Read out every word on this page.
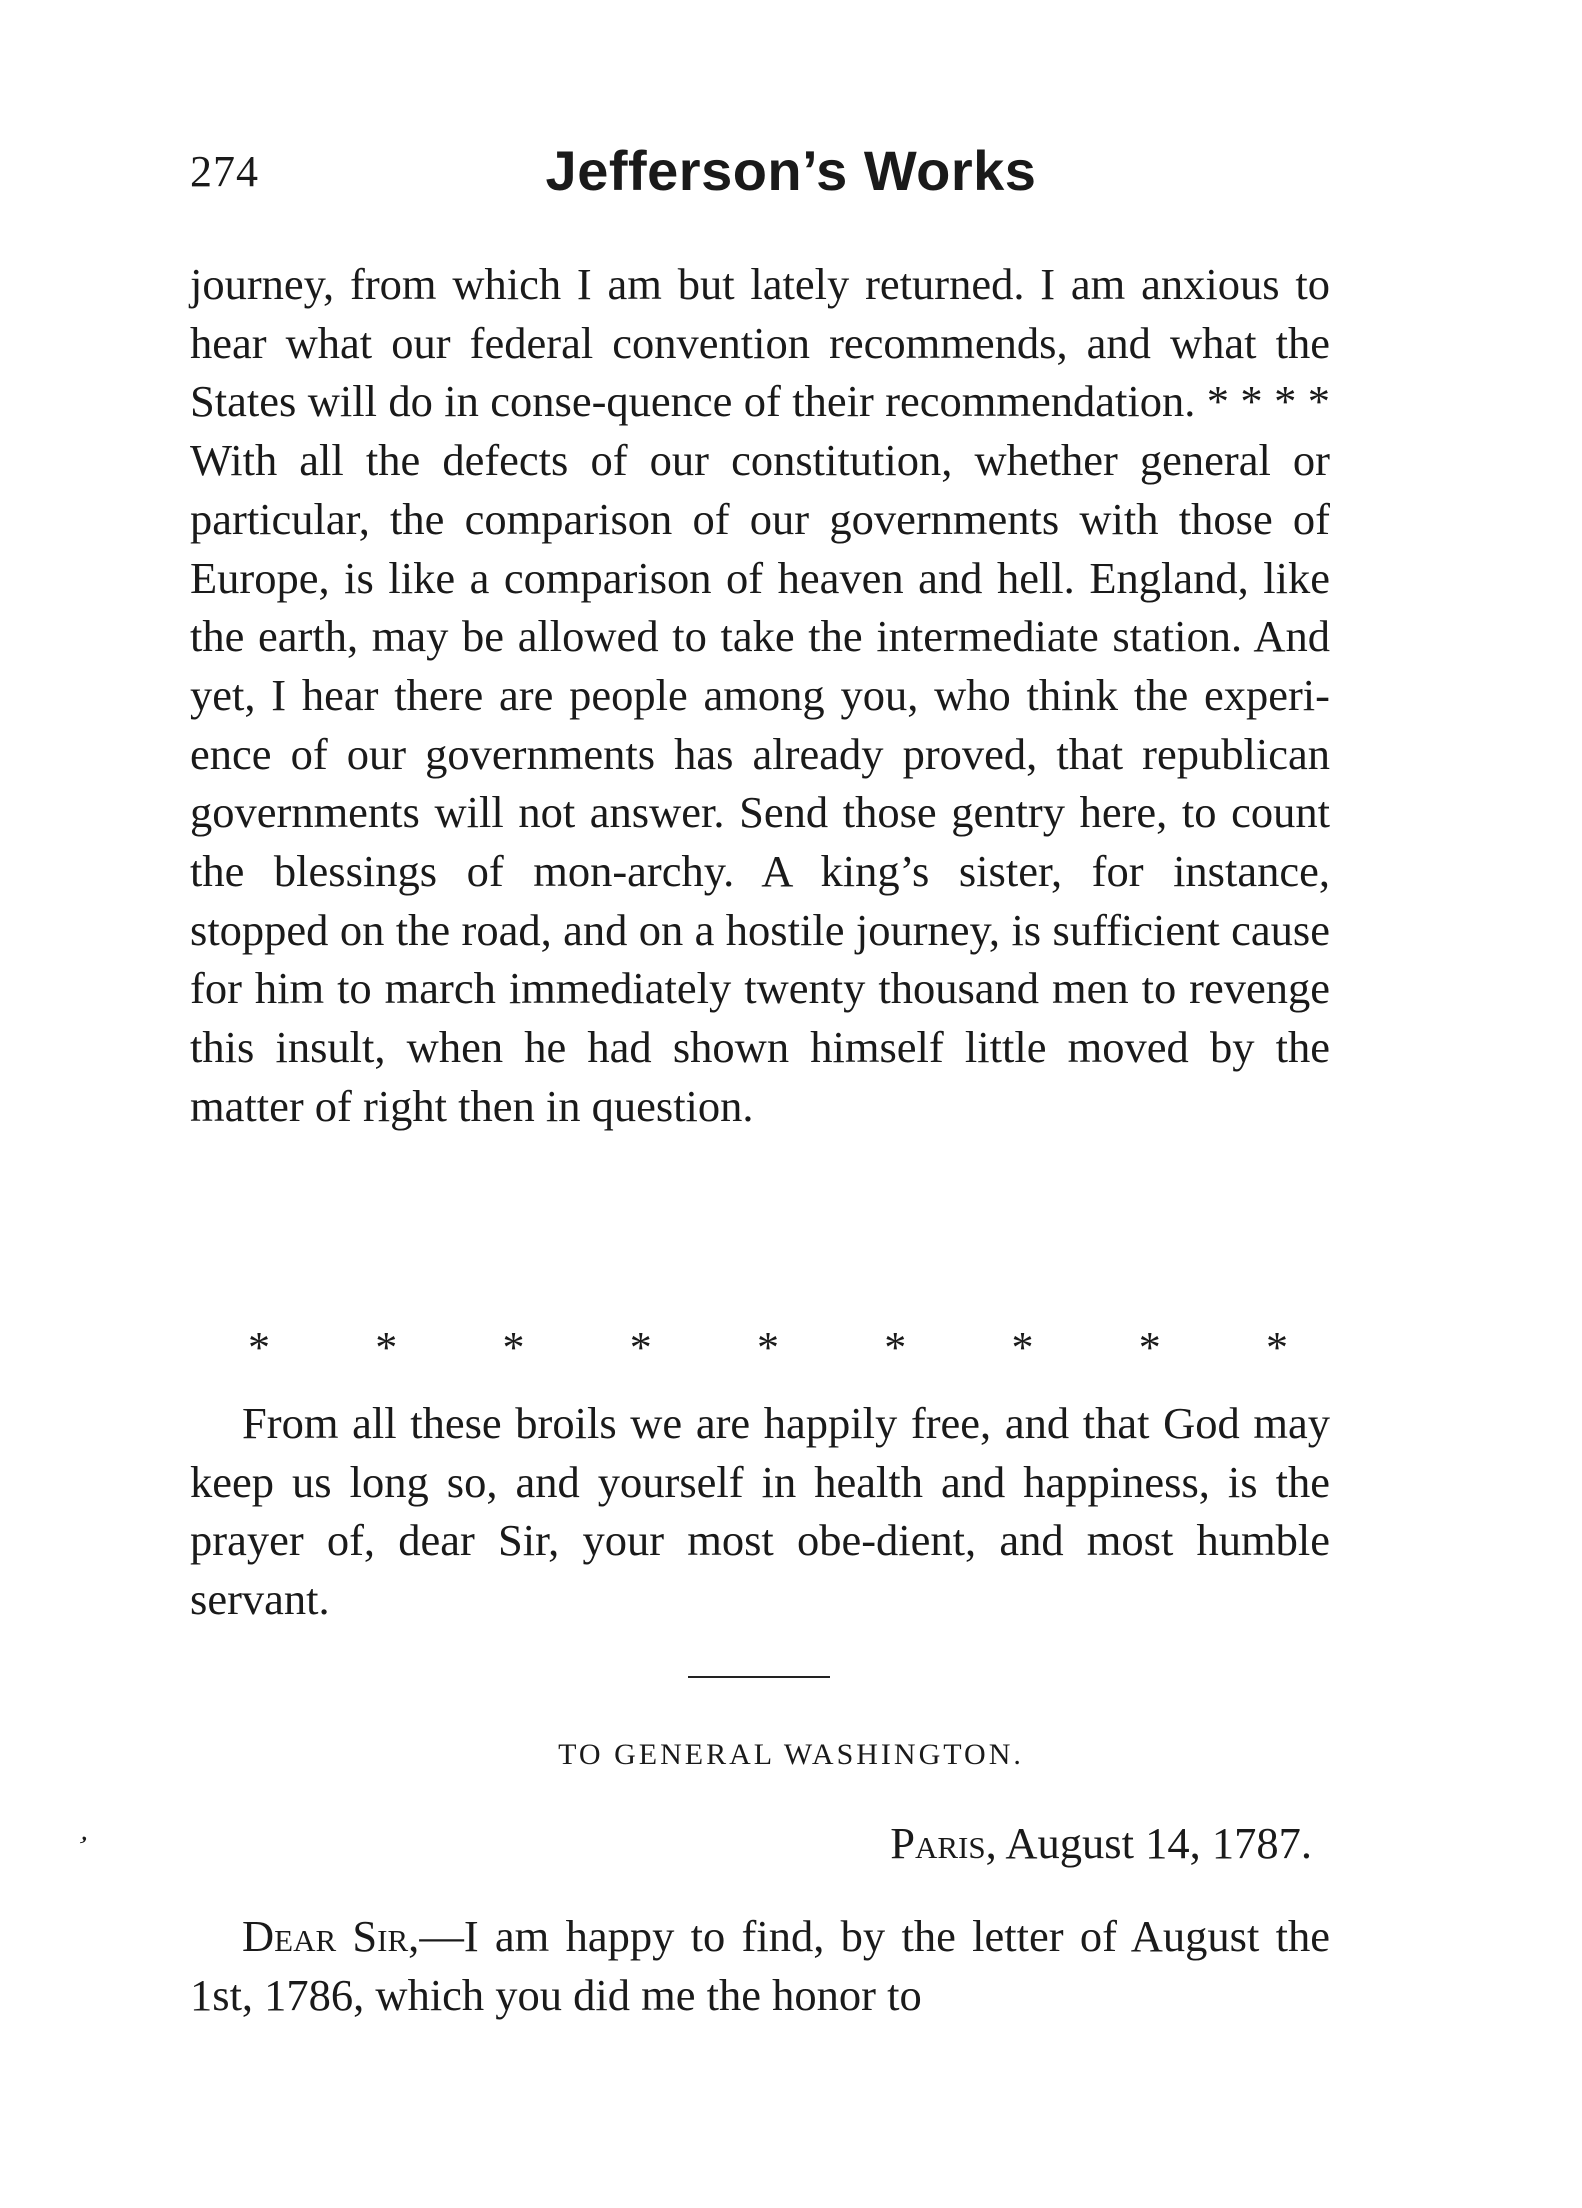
274	Jefferson’s Works
journey, from which I am but lately returned. I am anxious to hear what our federal convention recommends, and what the States will do in conse-quence of their recommendation. * * * * With all the defects of our constitution, whether general or particular, the comparison of our governments with those of Europe, is like a comparison of heaven and hell. England, like the earth, may be allowed to take the intermediate station. And yet, I hear there are people among you, who think the experi-ence of our governments has already proved, that republican governments will not answer. Send those gentry here, to count the blessings of mon-archy. A king’s sister, for instance, stopped on the road, and on a hostile journey, is sufficient cause for him to march immediately twenty thousand men to revenge this insult, when he had shown himself little moved by the matter of right then in question.
* * * * * * * * *
From all these broils we are happily free, and that God may keep us long so, and yourself in health and happiness, is the prayer of, dear Sir, your most obe-dient, and most humble servant.
TO GENERAL WASHINGTON.
Paris, August 14, 1787.
Dear Sir,—I am happy to find, by the letter of August the 1st, 1786, which you did me the honor to
’
